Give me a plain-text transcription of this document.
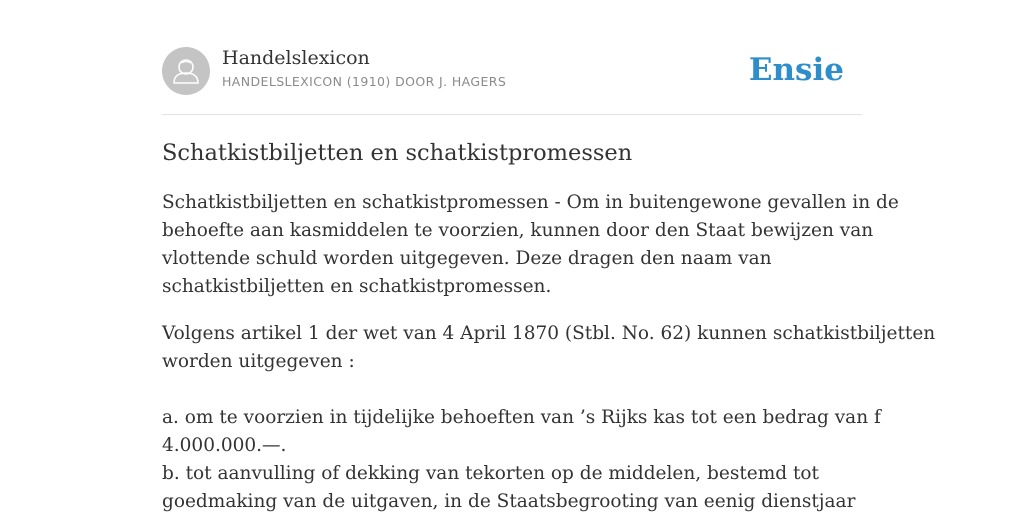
Handelslexicon
HANDELSLEXICON (1910) DOOR J. HAGERS	Ensie
Schatkistbiljetten en schatkistpromessen

Schatkistbiljetten en schatkistpromessen - Om in buitengewone gevallen in de
behoefte aan kasmiddelen te voorzien, kunnen door den Staat bewijzen van
vlottende schuld worden uitgegeven. Deze dragen den naam van
schatkistbiljetten en schatkistpromessen.

Volgens artikel 1 der wet van 4 April 1870 (Stbl. No. 62) kunnen schatkistbiljetten
worden uitgegeven :
a. om te voorzien in tijdelijke behoeften van ’s Rijks kas tot een bedrag van f
4.000.000.—.
b. tot aanvulling of dekking van tekorten op de middelen, bestemd tot
goedmaking van de uitgaven, in de Staatsbegrooting van eenig dienstjaar
